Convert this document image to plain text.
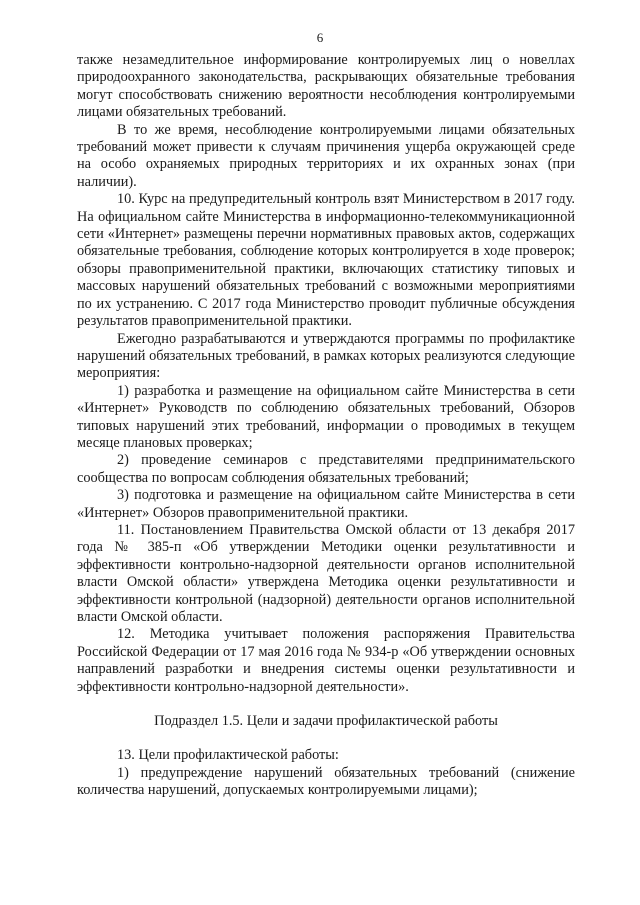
6

также незамедлительное информирование контролируемых лиц о новеллах природоохранного законодательства, раскрывающих обязательные требования могут способствовать снижению вероятности несоблюдения контролируемыми лицами обязательных требований.

В то же время, несоблюдение контролируемыми лицами обязательных требований может привести к случаям причинения ущерба окружающей среде на особо охраняемых природных территориях и их охранных зонах (при наличии).

10. Курс на предупредительный контроль взят Министерством в 2017 году. На официальном сайте Министерства в информационно-телекоммуникационной сети «Интернет» размещены перечни нормативных правовых актов, содержащих обязательные требования, соблюдение которых контролируется в ходе проверок; обзоры правоприменительной практики, включающих статистику типовых и массовых нарушений обязательных требований с возможными мероприятиями по их устранению. С 2017 года Министерство проводит публичные обсуждения результатов правоприменительной практики.

Ежегодно разрабатываются и утверждаются программы по профилактике нарушений обязательных требований, в рамках которых реализуются следующие мероприятия:

1) разработка и размещение на официальном сайте Министерства в сети «Интернет» Руководств по соблюдению обязательных требований, Обзоров типовых нарушений этих требований, информации о проводимых в текущем месяце плановых проверках;

2) проведение семинаров с представителями предпринимательского сообщества по вопросам соблюдения обязательных требований;

3) подготовка и размещение на официальном сайте Министерства в сети «Интернет» Обзоров правоприменительной практики.

11. Постановлением Правительства Омской области от 13 декабря 2017 года № 385-п «Об утверждении Методики оценки результативности и эффективности контрольно-надзорной деятельности органов исполнительной власти Омской области» утверждена Методика оценки результативности и эффективности контрольной (надзорной) деятельности органов исполнительной власти Омской области.

12. Методика учитывает положения распоряжения Правительства Российской Федерации от 17 мая 2016 года № 934-р «Об утверждении основных направлений разработки и внедрения системы оценки результативности и эффективности контрольно-надзорной деятельности».

Подраздел 1.5. Цели и задачи профилактической работы

13. Цели профилактической работы:

1) предупреждение нарушений обязательных требований (снижение количества нарушений, допускаемых контролируемыми лицами);
